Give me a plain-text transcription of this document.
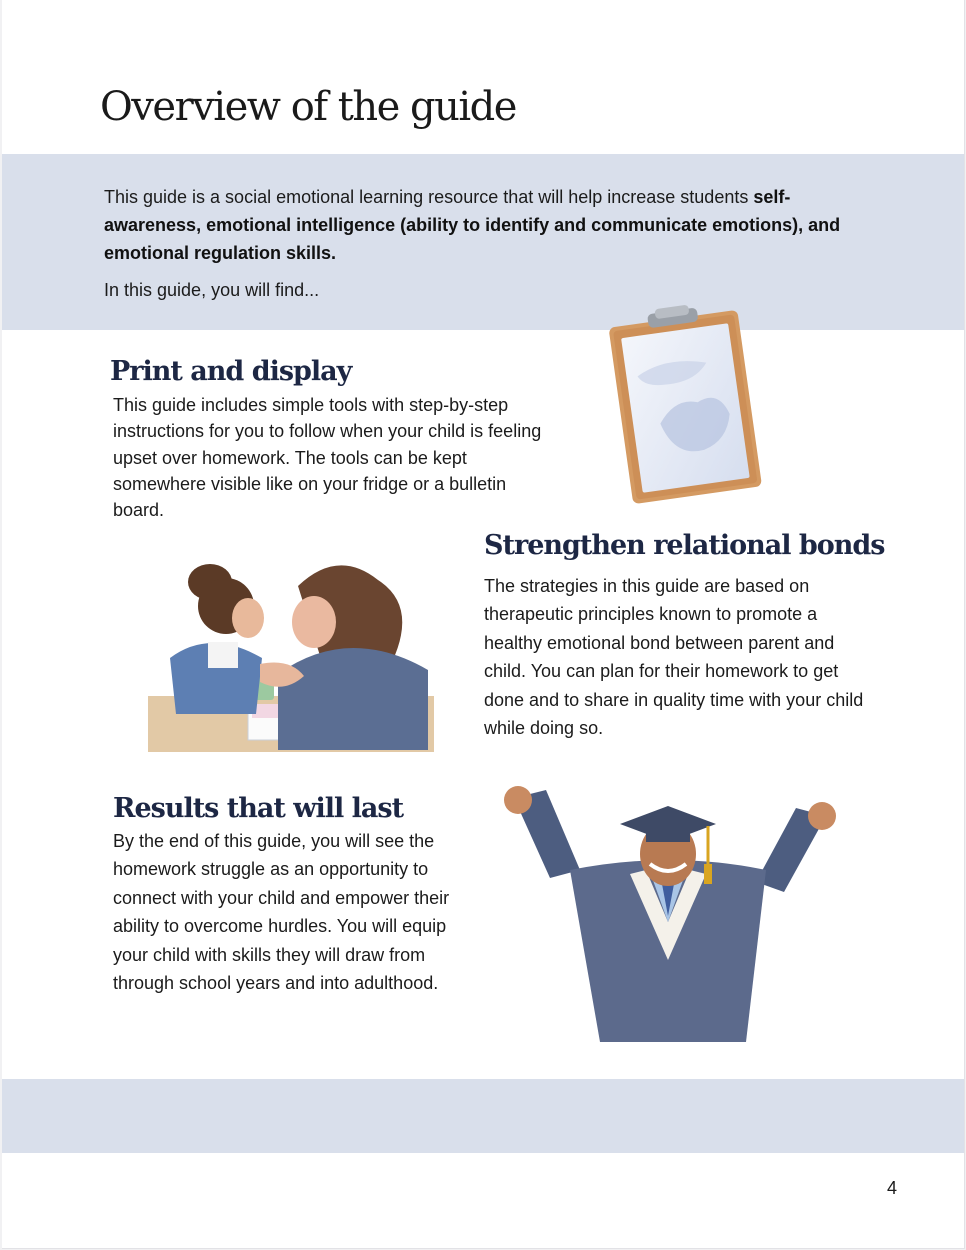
Overview of the guide

This guide is a social emotional learning resource that will help increase students self-awareness, emotional intelligence (ability to identify and communicate emotions), and emotional regulation skills.

In this guide, you will find...

Print and display

This guide includes simple tools with step-by-step instructions for you to follow when your child is feeling upset over homework. The tools can be kept somewhere visible like on your fridge or a bulletin board.

Strengthen relational bonds

The strategies in this guide are based on therapeutic principles known to promote a healthy emotional bond between parent and child. You can plan for their homework to get done and to share in quality time with your child while doing so.

Results that will last

By the end of this guide, you will see the homework struggle as an opportunity to connect with your child and empower their ability to overcome hurdles. You will equip your child with skills they will draw from through school years and into adulthood.

4
